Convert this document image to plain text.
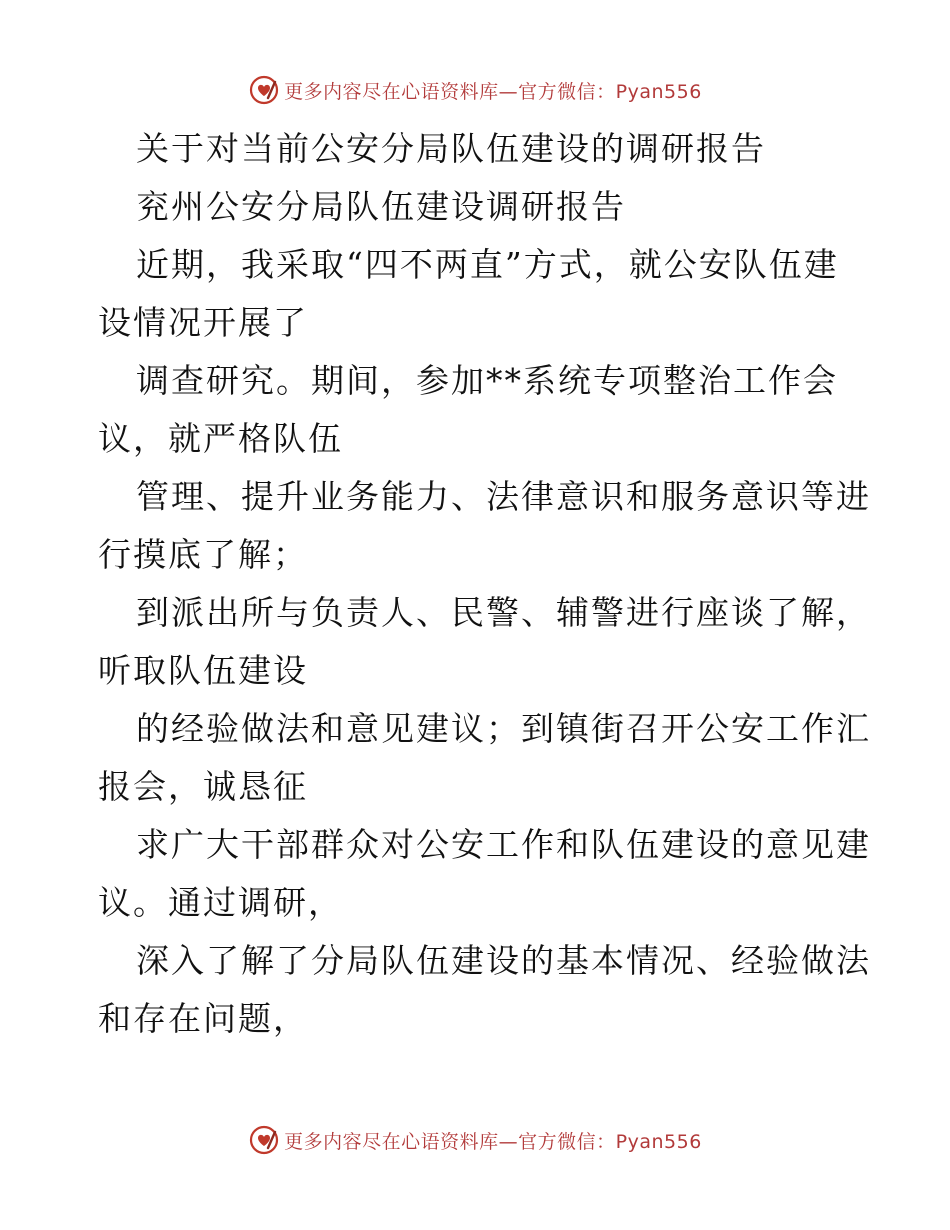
更多内容尽在心语资料库—官方微信：Pyan556
关于对当前公安分局队伍建设的调研报告
兖州公安分局队伍建设调研报告
近期，我采取“四不两直”方式，就公安队伍建
设情况开展了
调查研究。期间，参加**系统专项整治工作会
议，就严格队伍
管理、提升业务能力、法律意识和服务意识等进
行摸底了解；
到派出所与负责人、民警、辅警进行座谈了解，
听取队伍建设
的经验做法和意见建议；到镇街召开公安工作汇
报会，诚恳征
求广大干部群众对公安工作和队伍建设的意见建
议。通过调研，
深入了解了分局队伍建设的基本情况、经验做法
和存在问题，
更多内容尽在心语资料库—官方微信：Pyan556
